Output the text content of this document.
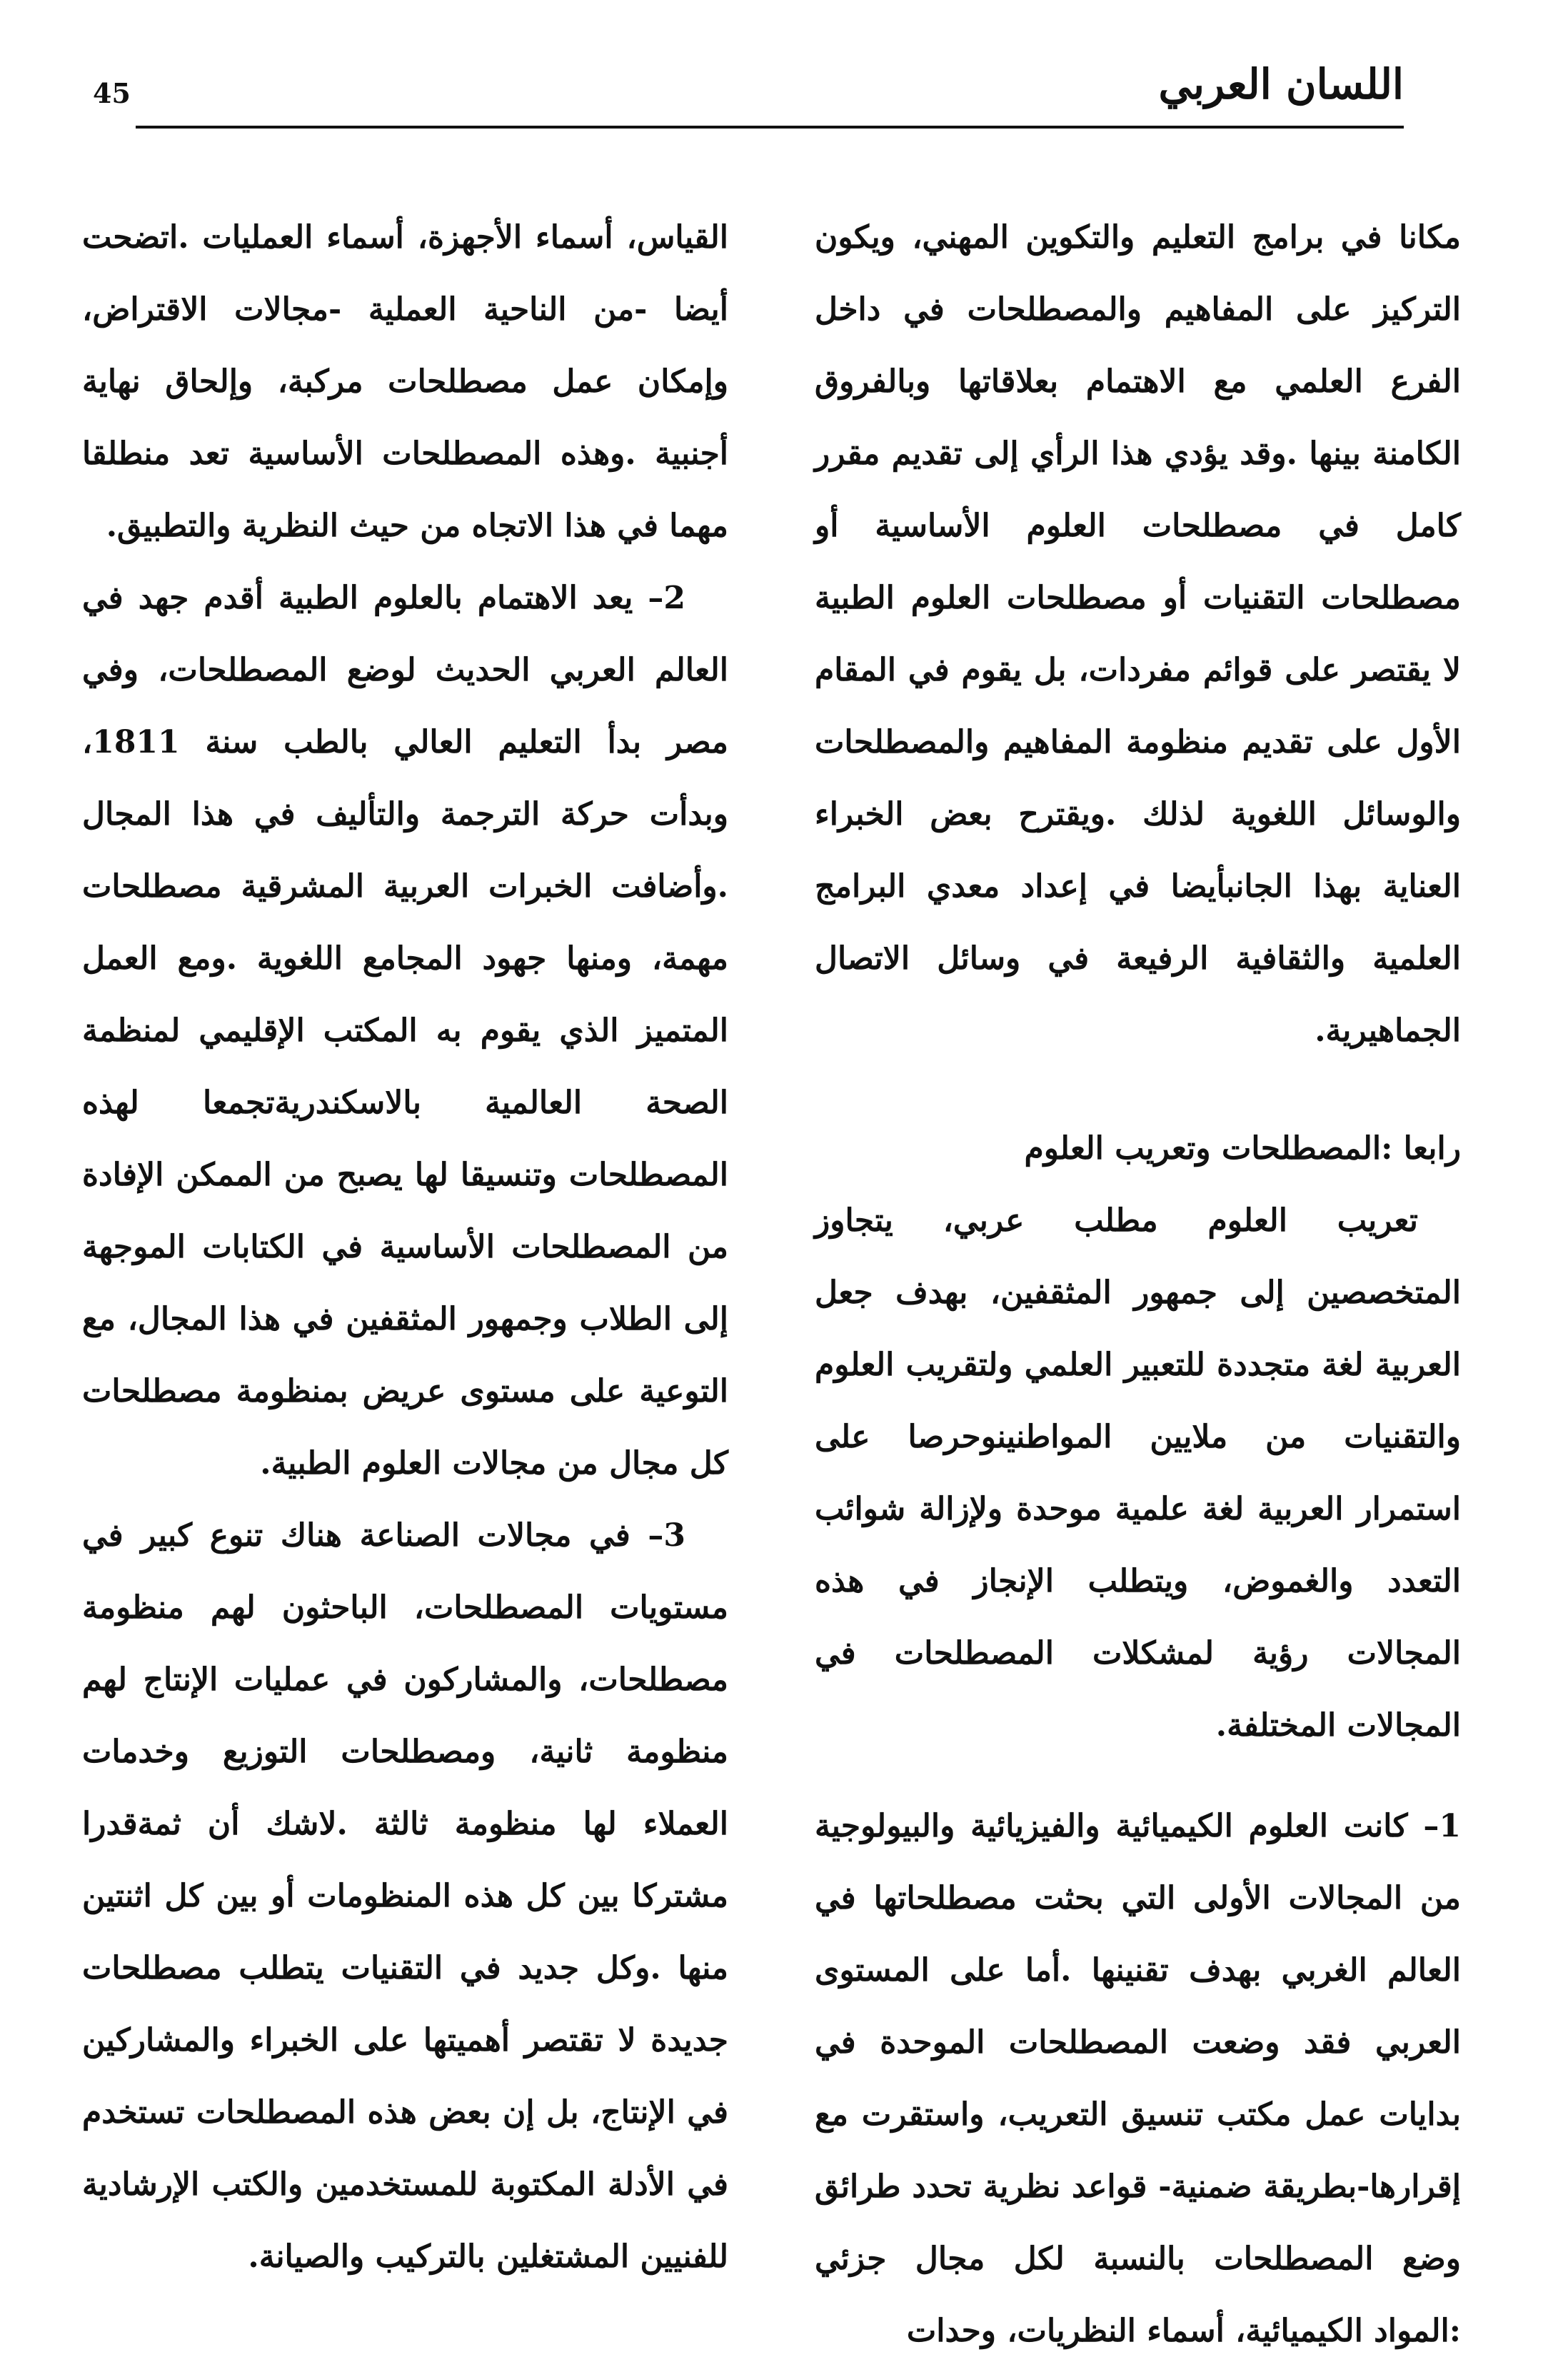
45	اللسان العربي

مكانا في برامج التعليم والتكوين المهني، ويكون التركيز على المفاهيم والمصطلحات في داخل الفرع العلمي مع الاهتمام بعلاقاتها وبالفروق الكامنة بينها .وقد يؤدي هذا الرأي إلى تقديم مقرر كامل في مصطلحات العلوم الأساسية أو مصطلحات التقنيات أو مصطلحات العلوم الطبية لا يقتصر على قوائم مفردات، بل يقوم في المقام الأول على تقديم منظومة المفاهيم والمصطلحات والوسائل اللغوية لذلك .ويقترح بعض الخبراء العناية بهذا الجانبأيضا في إعداد معدي البرامج العلمية والثقافية الرفيعة في وسائل الاتصال الجماهيرية.

رابعا :المصطلحات وتعريب العلوم

تعريب العلوم مطلب عربي، يتجاوز المتخصصين إلى جمهور المثقفين، بهدف جعل العربية لغة متجددة للتعبير العلمي ولتقريب العلوم والتقنيات من ملايين المواطنينوحرصا على استمرار العربية لغة علمية موحدة ولإزالة شوائب التعدد والغموض، ويتطلب الإنجاز في هذه المجالات رؤية لمشكلات المصطلحات في المجالات المختلفة.

1– كانت العلوم الكيميائية والفيزيائية والبيولوجية من المجالات الأولى التي بحثت مصطلحاتها في العالم الغربي بهدف تقنينها .أما على المستوى العربي فقد وضعت المصطلحات الموحدة في بدايات عمل مكتب تنسيق التعريب، واستقرت مع إقرارها-بطريقة ضمنية- قواعد نظرية تحدد طرائق وضع المصطلحات بالنسبة لكل مجال جزئي :المواد الكيميائية، أسماء النظريات، وحدات

القياس، أسماء الأجهزة، أسماء العمليات .اتضحت أيضا -من الناحية العملية -مجالات الاقتراض، وإمكان عمل مصطلحات مركبة، وإلحاق نهاية أجنبية .وهذه المصطلحات الأساسية تعد منطلقا مهما في هذا الاتجاه من حيث النظرية والتطبيق.

2– يعد الاهتمام بالعلوم الطبية أقدم جهد في العالم العربي الحديث لوضع المصطلحات، وفي مصر بدأ التعليم العالي بالطب سنة 1811، وبدأت حركة الترجمة والتأليف في هذا المجال .وأضافت الخبرات العربية المشرقية مصطلحات مهمة، ومنها جهود المجامع اللغوية .ومع العمل المتميز الذي يقوم به المكتب الإقليمي لمنظمة الصحة العالمية بالاسكندريةتجمعا لهذه المصطلحات وتنسيقا لها يصبح من الممكن الإفادة من المصطلحات الأساسية في الكتابات الموجهة إلى الطلاب وجمهور المثقفين في هذا المجال، مع التوعية على مستوى عريض بمنظومة مصطلحات كل مجال من مجالات العلوم الطبية.

3– في مجالات الصناعة هناك تنوع كبير في مستويات المصطلحات، الباحثون لهم منظومة مصطلحات، والمشاركون في عمليات الإنتاج لهم منظومة ثانية، ومصطلحات التوزيع وخدمات العملاء لها منظومة ثالثة .لاشك أن ثمةقدرا مشتركا بين كل هذه المنظومات أو بين كل اثنتين منها .وكل جديد في التقنيات يتطلب مصطلحات جديدة لا تقتصر أهميتها على الخبراء والمشاركين في الإنتاج، بل إن بعض هذه المصطلحات تستخدم في الأدلة المكتوبة للمستخدمين والكتب الإرشادية للفنيين المشتغلين بالتركيب والصيانة.
